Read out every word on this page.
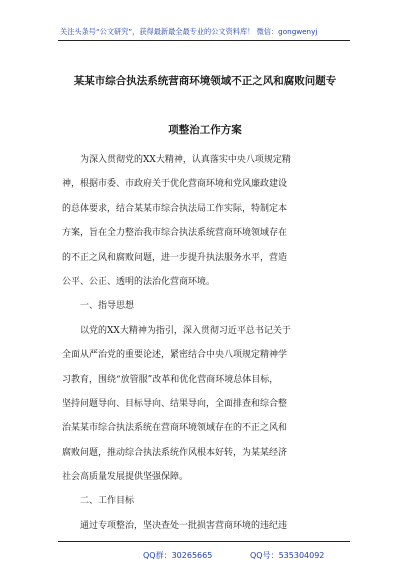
关注头条号“公文研究”，获得最新最全最专业的公文资料库！ 微信：gongwenyj
某某市综合执法系统营商环境领域不正之风和腐败问题专
项整治工作方案
为深入贯彻党的XX大精神，认真落实中央八项规定精
神，根据市委、市政府关于优化营商环境和党风廉政建设
的总体要求，结合某某市综合执法局工作实际，特制定本
方案，旨在全力整治我市综合执法系统营商环境领域存在
的不正之风和腐败问题，进一步提升执法服务水平，营造
公平、公正、透明的法治化营商环境。
一、指导思想
以党的XX大精神为指引，深入贯彻习近平总书记关于
全面从严治党的重要论述，紧密结合中央八项规定精神学
习教育，围绕“放管服”改革和优化营商环境总体目标，
坚持问题导向、目标导向、结果导向，全面排查和综合整
治某某市综合执法系统在营商环境领域存在的不正之风和
腐败问题，推动综合执法系统作风根本好转，为某某经济
社会高质量发展提供坚强保障。
二、工作目标
通过专项整治，坚决查处一批损害营商环境的违纪违
QQ群：30265665	QQ号：535304092
